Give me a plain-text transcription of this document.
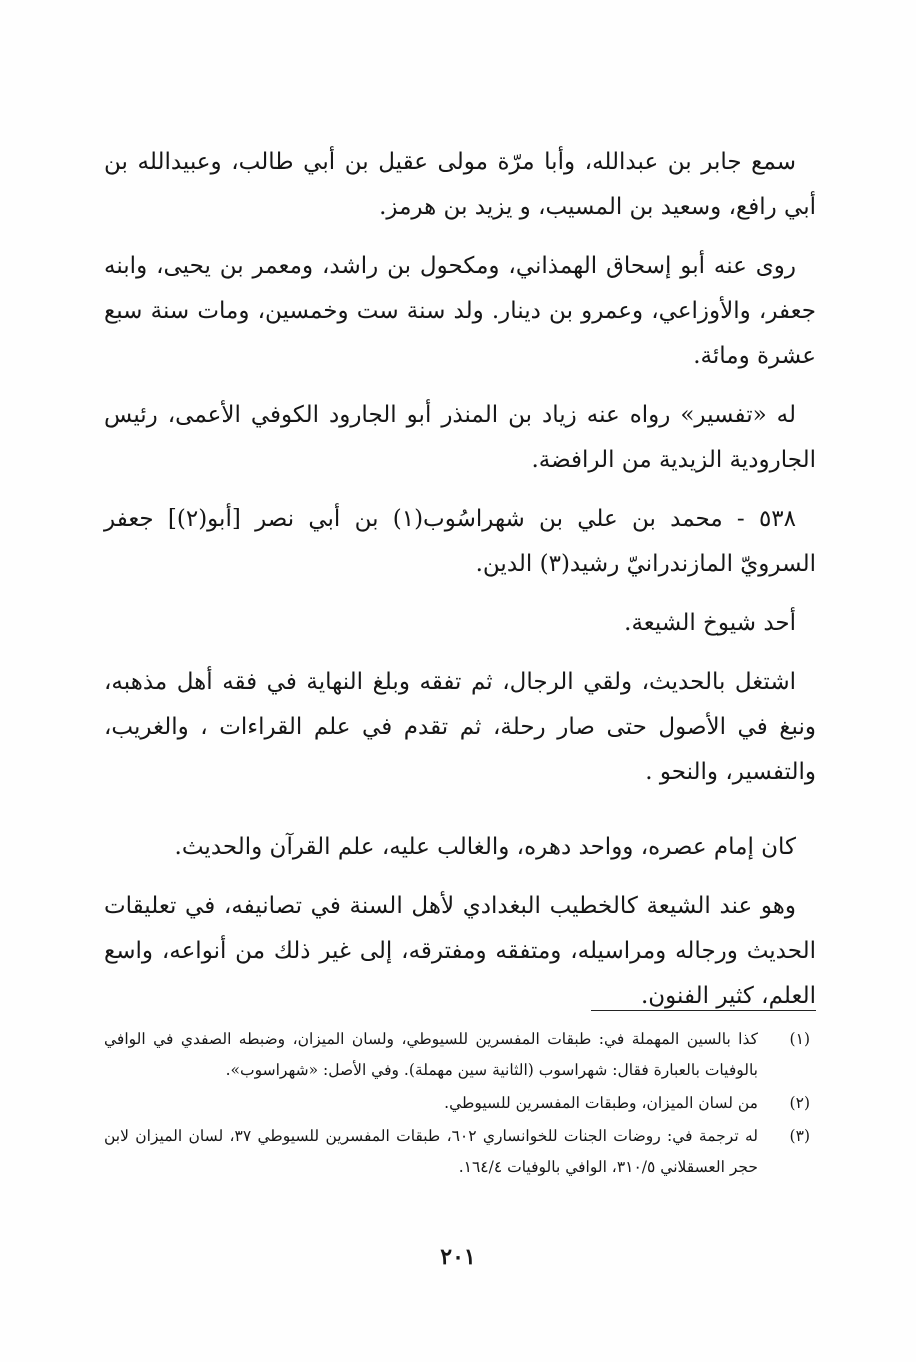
سمع جابر بن عبدالله، وأبا مرّة مولى عقيل بن أبي طالب، وعبيدالله بن أبي رافع، وسعيد بن المسيب، و يزيد بن هرمز.

روى عنه أبو إسحاق الهمذاني، ومكحول بن راشد، ومعمر بن يحيى، وابنه جعفر، والأوزاعي، وعمرو بن دينار. ولد سنة ست وخمسين، ومات سنة سبع عشرة ومائة.

له «تفسير» رواه عنه زياد بن المنذر أبو الجارود الكوفي الأعمى، رئيس الجارودية الزيدية من الرافضة.

٥٣٨ - محمد بن علي بن شهراسُوب(١) بن أبي نصر [أبو(٢)] جعفر السرويّ المازندرانيّ رشيد(٣) الدين.

أحد شيوخ الشيعة.

اشتغل بالحديث، ولقي الرجال، ثم تفقه وبلغ النهاية في فقه أهل مذهبه، ونبغ في الأصول حتى صار رحلة، ثم تقدم في علم القراءات ، والغريب، والتفسير، والنحو .

كان إمام عصره، وواحد دهره، والغالب عليه، علم القرآن والحديث.

وهو عند الشيعة كالخطيب البغدادي لأهل السنة في تصانيفه، في تعليقات الحديث ورجاله ومراسيله، ومتفقه ومفترقه، إلى غير ذلك من أنواعه، واسع العلم، كثير الفنون.

(١)
كذا بالسين المهملة في: طبقات المفسرين للسيوطي، ولسان الميزان، وضبطه الصفدي في الوافي بالوفيات بالعبارة فقال: شهراسوب (الثانية سين مهملة). وفي الأصل: «شهراسوب».
(٢)
من لسان الميزان، وطبقات المفسرين للسيوطي.
(٣)
له ترجمة في: روضات الجنات للخوانساري ٦٠٢، طبقات المفسرين للسيوطي ٣٧، لسان الميزان لابن حجر العسقلاني ٣١٠/٥، الوافي بالوفيات ١٦٤/٤.
٢٠١
